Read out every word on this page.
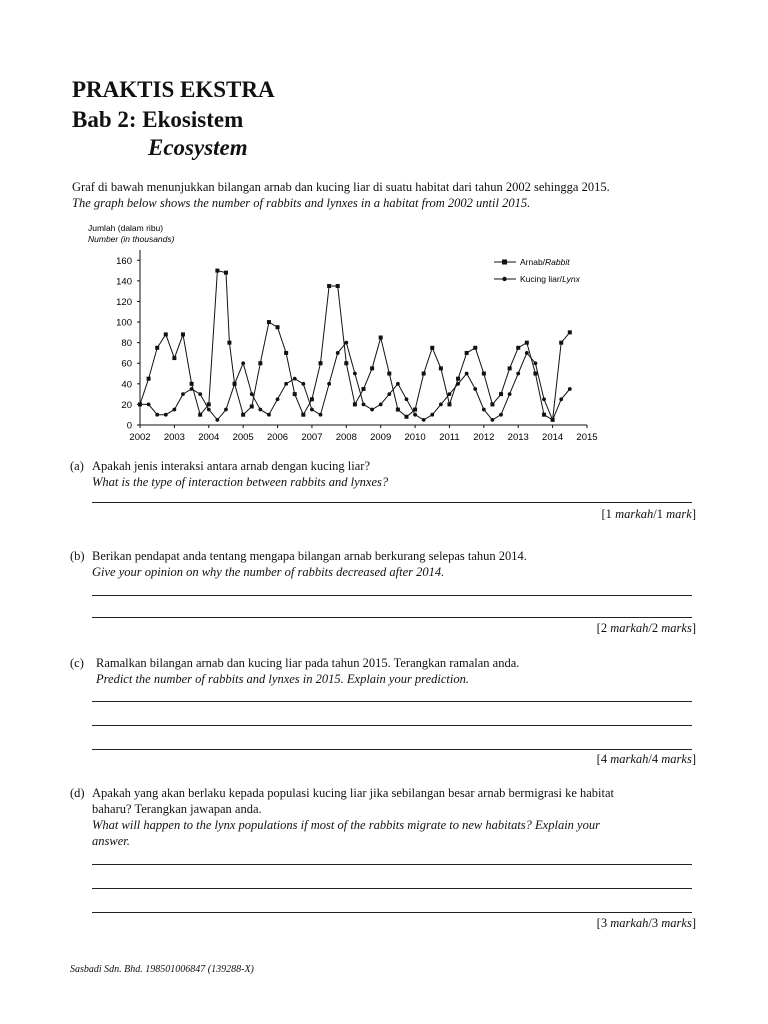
PRAKTIS EKSTRA
Bab 2: Ekosistem
Ecosystem
Graf di bawah menunjukkan bilangan arnab dan kucing liar di suatu habitat dari tahun 2002 sehingga 2015.
The graph below shows the number of rabbits and lynxes in a habitat from 2002 until 2015.
Jumlah (dalam ribu)
Number (in thousands)
0
20
40
60
80
100
120
140
160
2002 2003 2004 2005 2006 2007 2008 2009 2010 2011 2012 2013 2014 2015
Arnab/Rabbit
Kucing liar/Lynx
(a) Apakah jenis interaksi antara arnab dengan kucing liar?
What is the type of interaction between rabbits and lynxes?
[1 markah/1 mark]
(b) Berikan pendapat anda tentang mengapa bilangan arnab berkurang selepas tahun 2014.
Give your opinion on why the number of rabbits decreased after 2014.
[2 markah/2 marks]
(c) Ramalkan bilangan arnab dan kucing liar pada tahun 2015. Terangkan ramalan anda.
Predict the number of rabbits and lynxes in 2015. Explain your prediction.
[4 markah/4 marks]
(d) Apakah yang akan berlaku kepada populasi kucing liar jika sebilangan besar arnab bermigrasi ke habitat
baharu? Terangkan jawapan anda.
What will happen to the lynx populations if most of the rabbits migrate to new habitats? Explain your
answer.
[3 markah/3 marks]
Sasbadi Sdn. Bhd. 198501006847 (139288-X)
